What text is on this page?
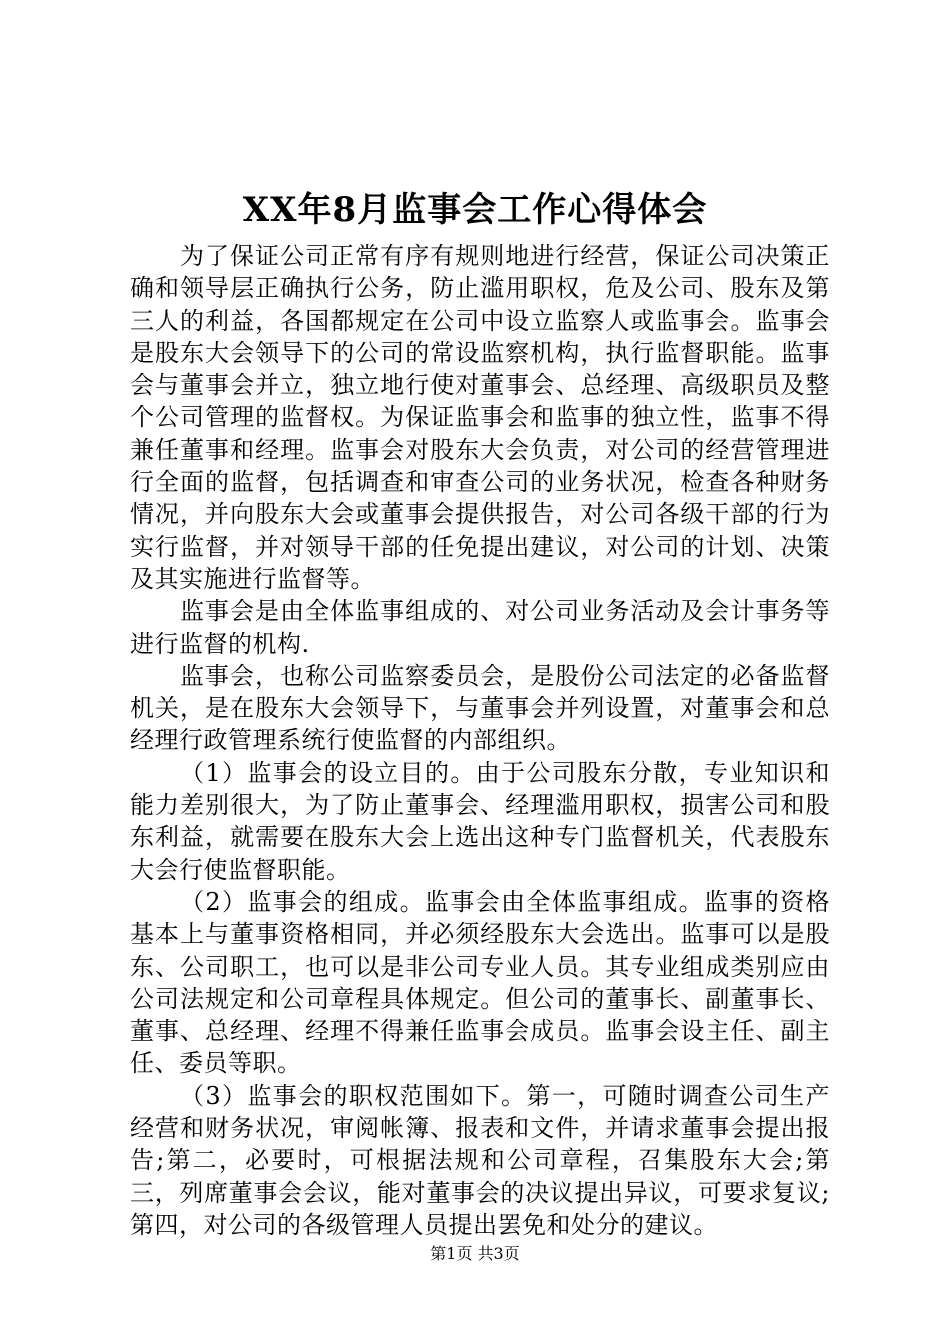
XX年8月监事会工作心得体会

为了保证公司正常有序有规则地进行经营，保证公司决策正确和领导层正确执行公务，防止滥用职权，危及公司、股东及第三人的利益，各国都规定在公司中设立监察人或监事会。监事会是股东大会领导下的公司的常设监察机构，执行监督职能。监事会与董事会并立，独立地行使对董事会、总经理、高级职员及整个公司管理的监督权。为保证监事会和监事的独立性，监事不得兼任董事和经理。监事会对股东大会负责，对公司的经营管理进行全面的监督，包括调查和审查公司的业务状况，检查各种财务情况，并向股东大会或董事会提供报告，对公司各级干部的行为实行监督，并对领导干部的任免提出建议，对公司的计划、决策及其实施进行监督等。

监事会是由全体监事组成的、对公司业务活动及会计事务等进行监督的机构.

监事会，也称公司监察委员会，是股份公司法定的必备监督机关，是在股东大会领导下，与董事会并列设置，对董事会和总经理行政管理系统行使监督的内部组织。

（1）监事会的设立目的。由于公司股东分散，专业知识和能力差别很大，为了防止董事会、经理滥用职权，损害公司和股东利益，就需要在股东大会上选出这种专门监督机关，代表股东大会行使监督职能。

（2）监事会的组成。监事会由全体监事组成。监事的资格基本上与董事资格相同，并必须经股东大会选出。监事可以是股东、公司职工，也可以是非公司专业人员。其专业组成类别应由公司法规定和公司章程具体规定。但公司的董事长、副董事长、董事、总经理、经理不得兼任监事会成员。监事会设主任、副主任、委员等职。

（3）监事会的职权范围如下。第一，可随时调查公司生产经营和财务状况，审阅帐簿、报表和文件，并请求董事会提出报告;第二，必要时，可根据法规和公司章程，召集股东大会;第三，列席董事会会议，能对董事会的决议提出异议，可要求复议;第四，对公司的各级管理人员提出罢免和处分的建议。

第1页 共3页
